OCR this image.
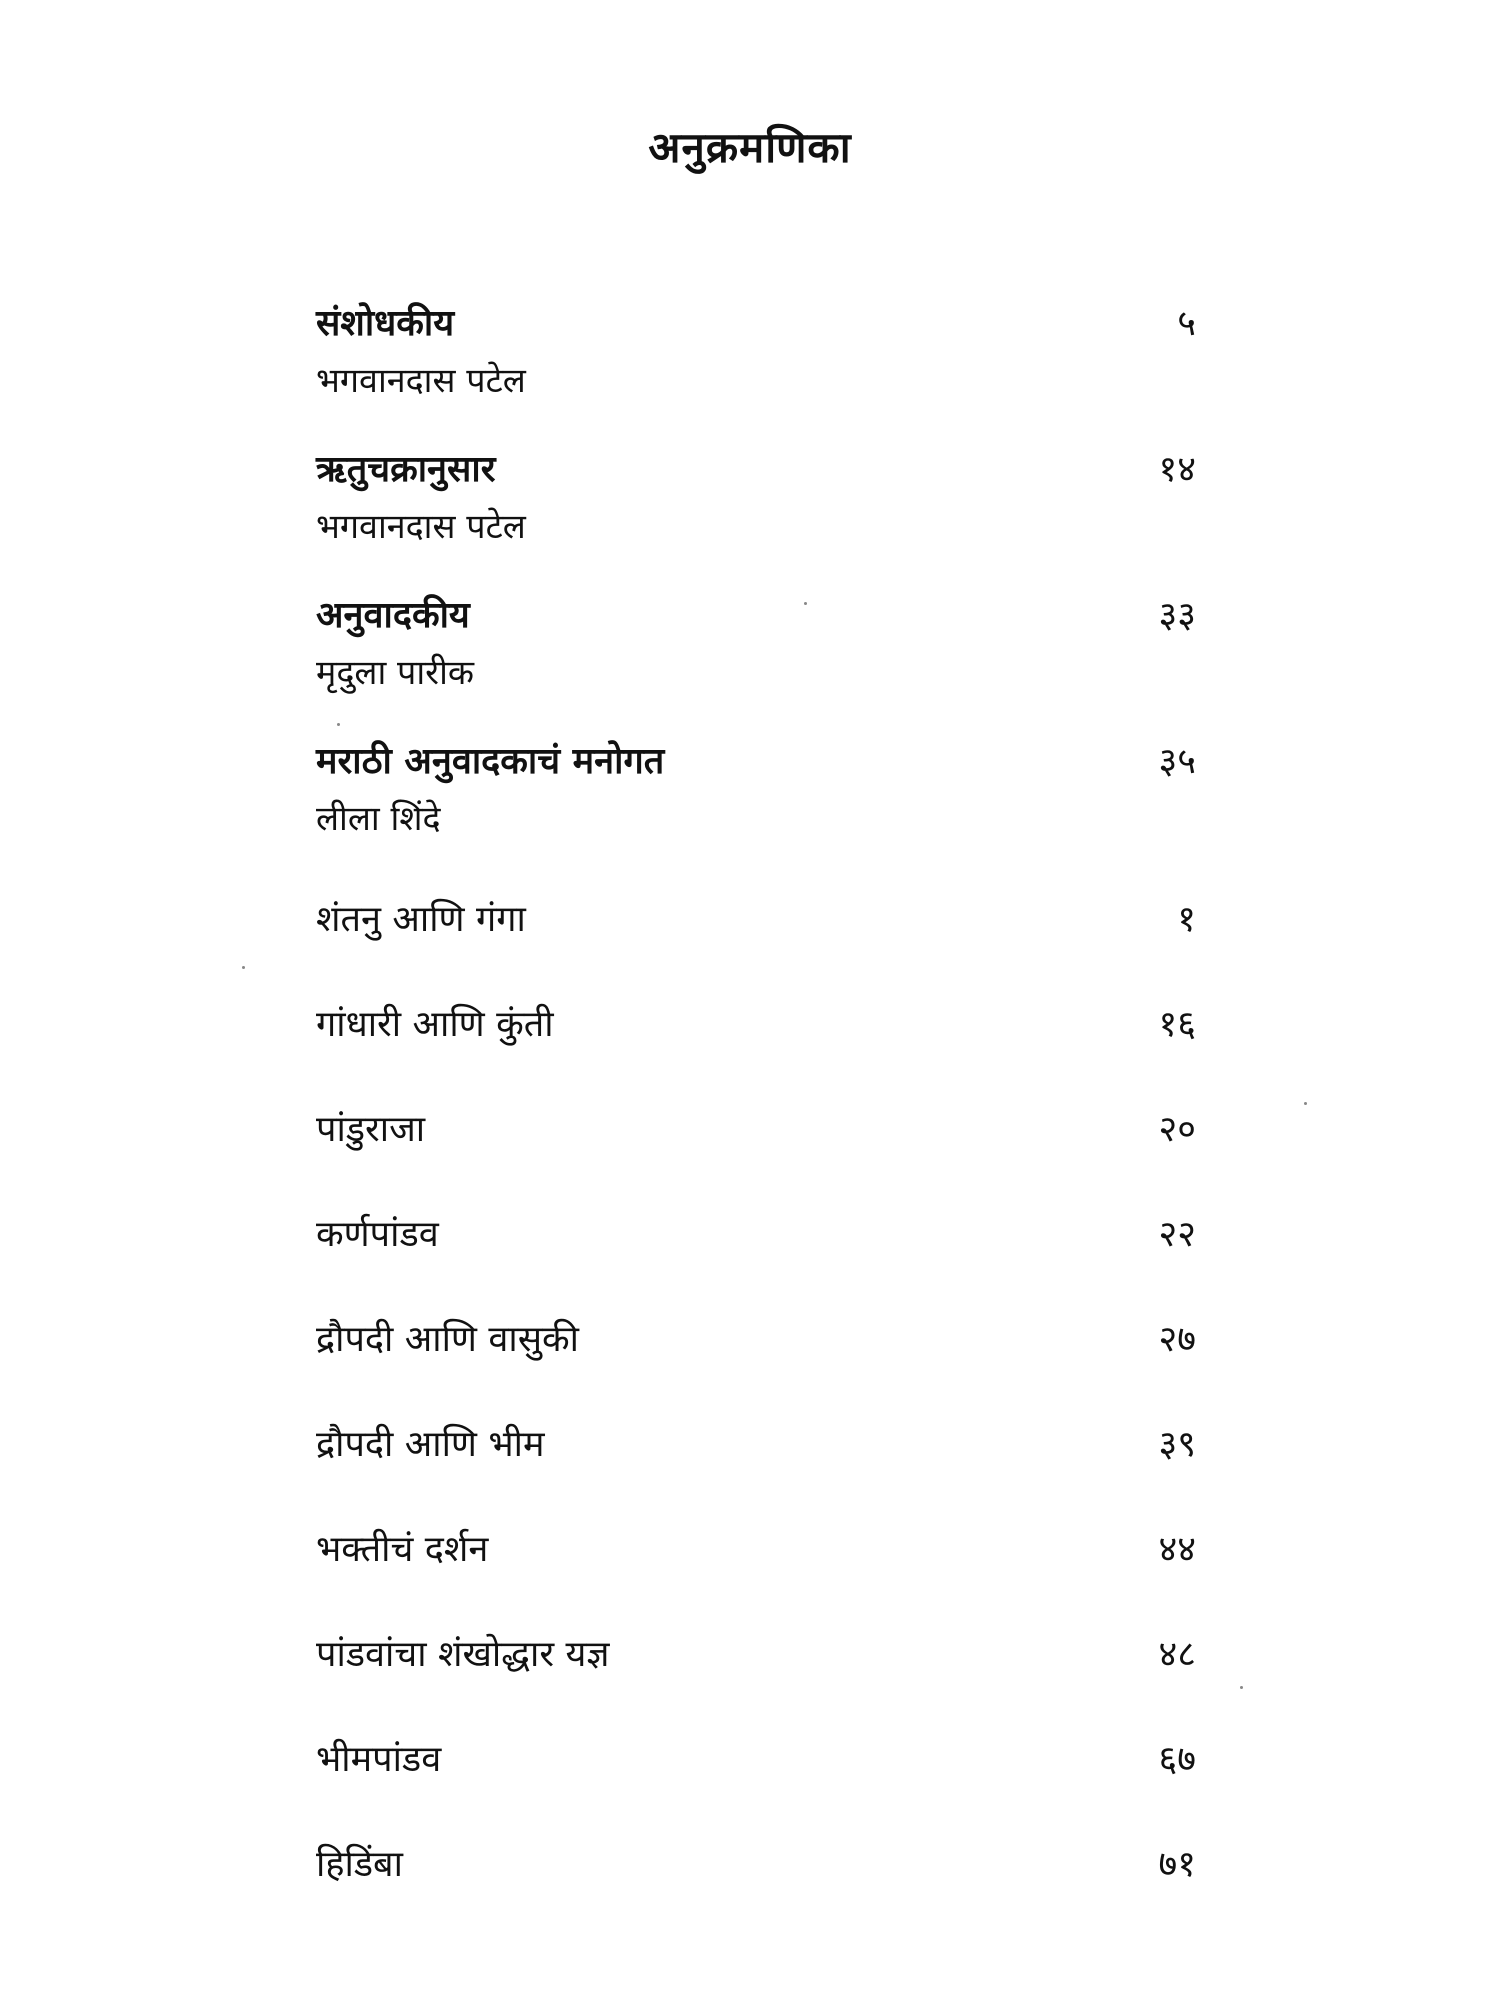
अनुक्रमणिका
संशोधकीय	५
भगवानदास पटेल
ऋतुचक्रानुसार	१४
भगवानदास पटेल
अनुवादकीय	३३
मृदुला पारीक
मराठी अनुवादकाचं मनोगत	३५
लीला शिंदे
शंतनु आणि गंगा	१
गांधारी आणि कुंती	१६
पांडुराजा	२०
कर्णपांडव	२२
द्रौपदी आणि वासुकी	२७
द्रौपदी आणि भीम	३९
भक्तीचं दर्शन	४४
पांडवांचा शंखोद्धार यज्ञ	४८
भीमपांडव	६७
हिडिंबा	७१
